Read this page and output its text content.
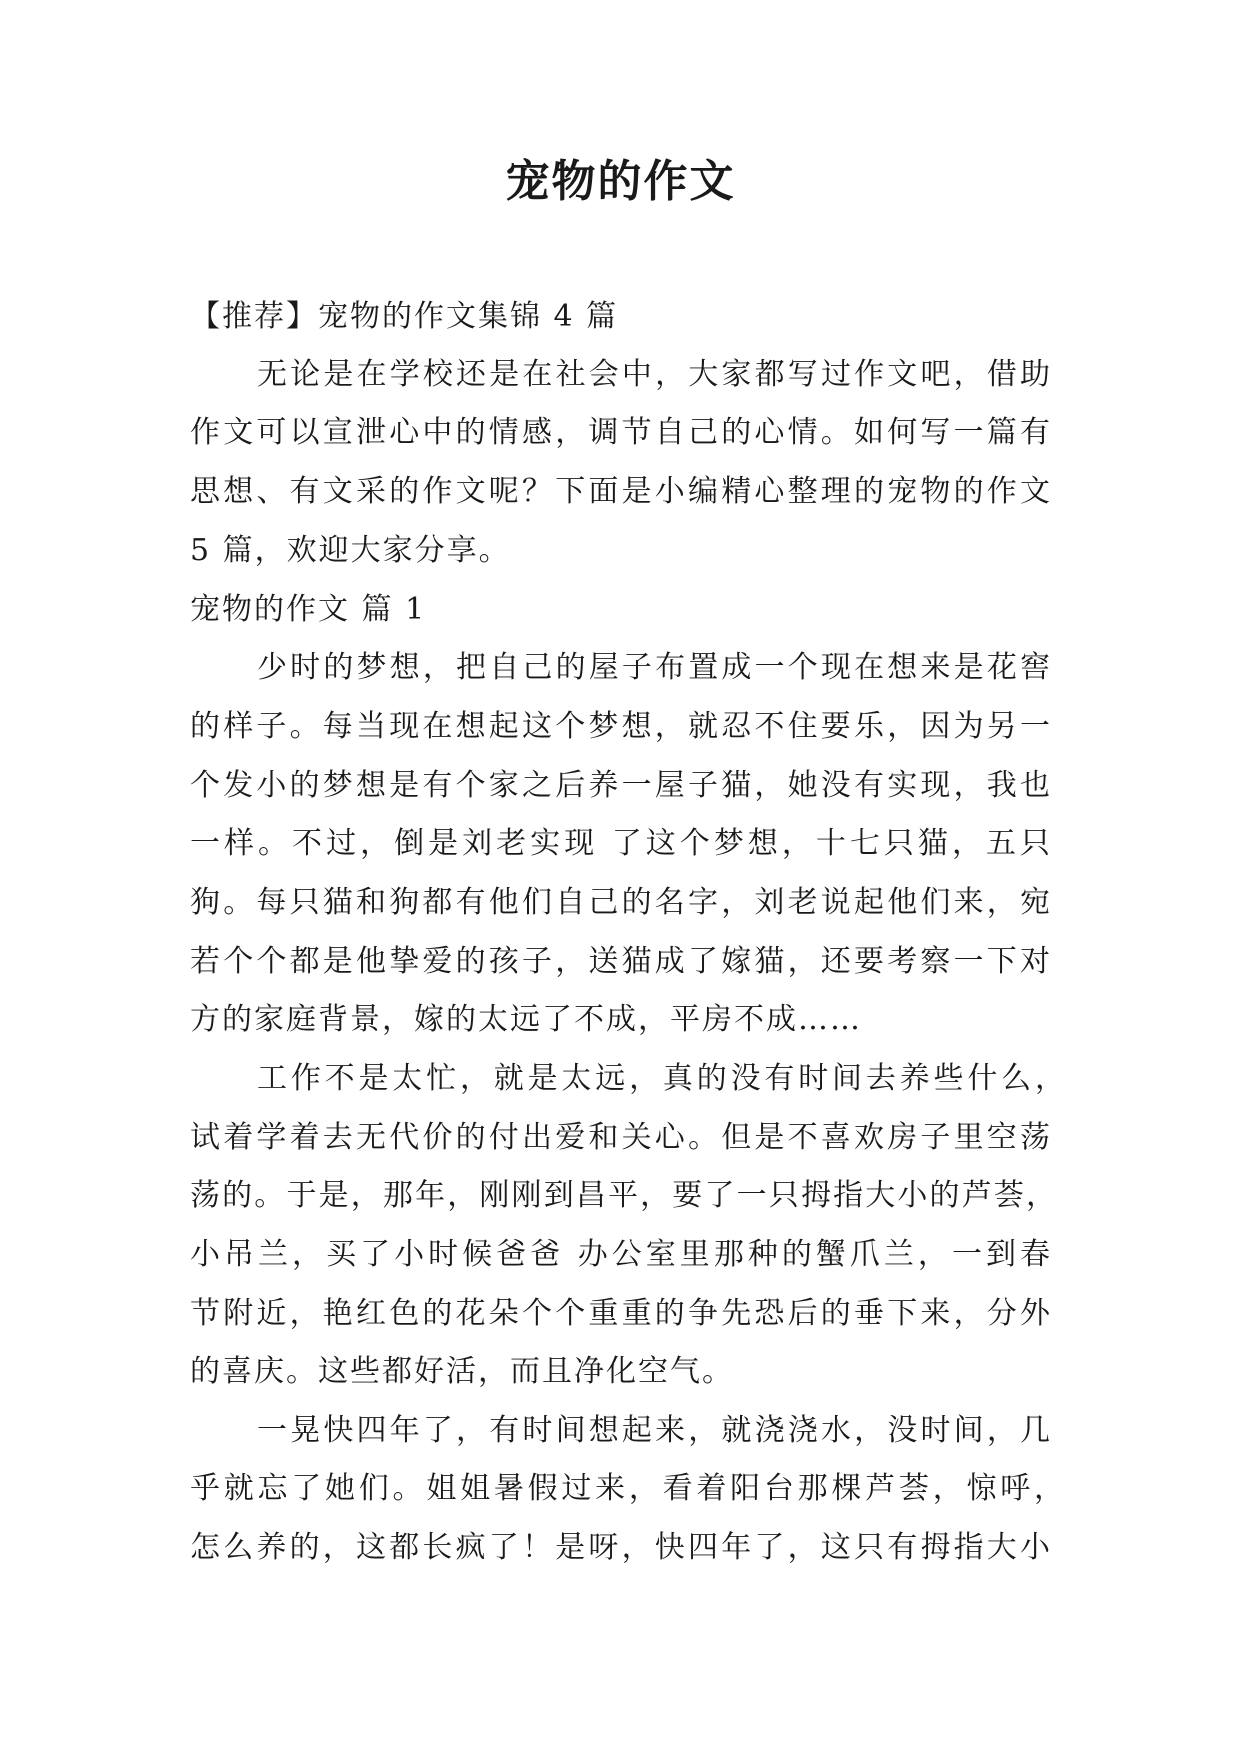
宠物的作文
【推荐】宠物的作文集锦 4 篇
无论是在学校还是在社会中，大家都写过作文吧，借助
作文可以宣泄心中的情感，调节自己的心情。如何写一篇有
思想、有文采的作文呢？下面是小编精心整理的宠物的作文
5 篇，欢迎大家分享。
宠物的作文 篇 1
少时的梦想，把自己的屋子布置成一个现在想来是花窖
的样子。每当现在想起这个梦想，就忍不住要乐，因为另一
个发小的梦想是有个家之后养一屋子猫，她没有实现，我也
一样。不过，倒是刘老实现 了这个梦想，十七只猫，五只
狗。每只猫和狗都有他们自己的名字，刘老说起他们来，宛
若个个都是他挚爱的孩子，送猫成了嫁猫，还要考察一下对
方的家庭背景，嫁的太远了不成，平房不成……
工作不是太忙，就是太远，真的没有时间去养些什么，
试着学着去无代价的付出爱和关心。但是不喜欢房子里空荡
荡的。于是，那年，刚刚到昌平，要了一只拇指大小的芦荟，
小吊兰，买了小时候爸爸 办公室里那种的蟹爪兰，一到春
节附近，艳红色的花朵个个重重的争先恐后的垂下来，分外
的喜庆。这些都好活，而且净化空气。
一晃快四年了，有时间想起来，就浇浇水，没时间，几
乎就忘了她们。姐姐暑假过来，看着阳台那棵芦荟，惊呼，
怎么养的，这都长疯了！是呀，快四年了，这只有拇指大小
